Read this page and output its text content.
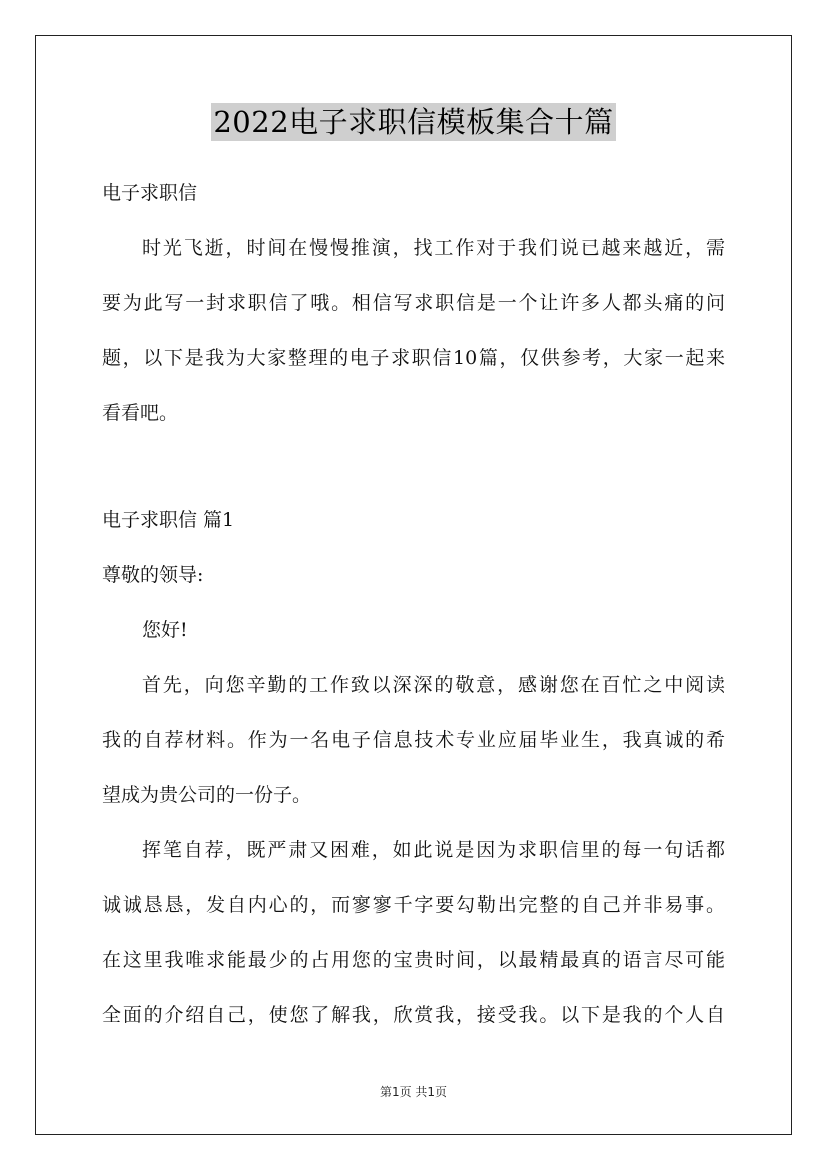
2022电子求职信模板集合十篇
电子求职信
时光飞逝，时间在慢慢推演，找工作对于我们说已越来越近，需
要为此写一封求职信了哦。相信写求职信是一个让许多人都头痛的问
题，以下是我为大家整理的电子求职信10篇，仅供参考，大家一起来
看看吧。
电子求职信 篇1
尊敬的领导:
您好!
首先，向您辛勤的工作致以深深的敬意，感谢您在百忙之中阅读
我的自荐材料。作为一名电子信息技术专业应届毕业生，我真诚的希
望成为贵公司的一份子。
挥笔自荐，既严肃又困难，如此说是因为求职信里的每一句话都
诚诚恳恳，发自内心的，而寥寥千字要勾勒出完整的自己并非易事。
在这里我唯求能最少的占用您的宝贵时间，以最精最真的语言尽可能
全面的介绍自己，使您了解我，欣赏我，接受我。以下是我的个人自
第1页 共1页
